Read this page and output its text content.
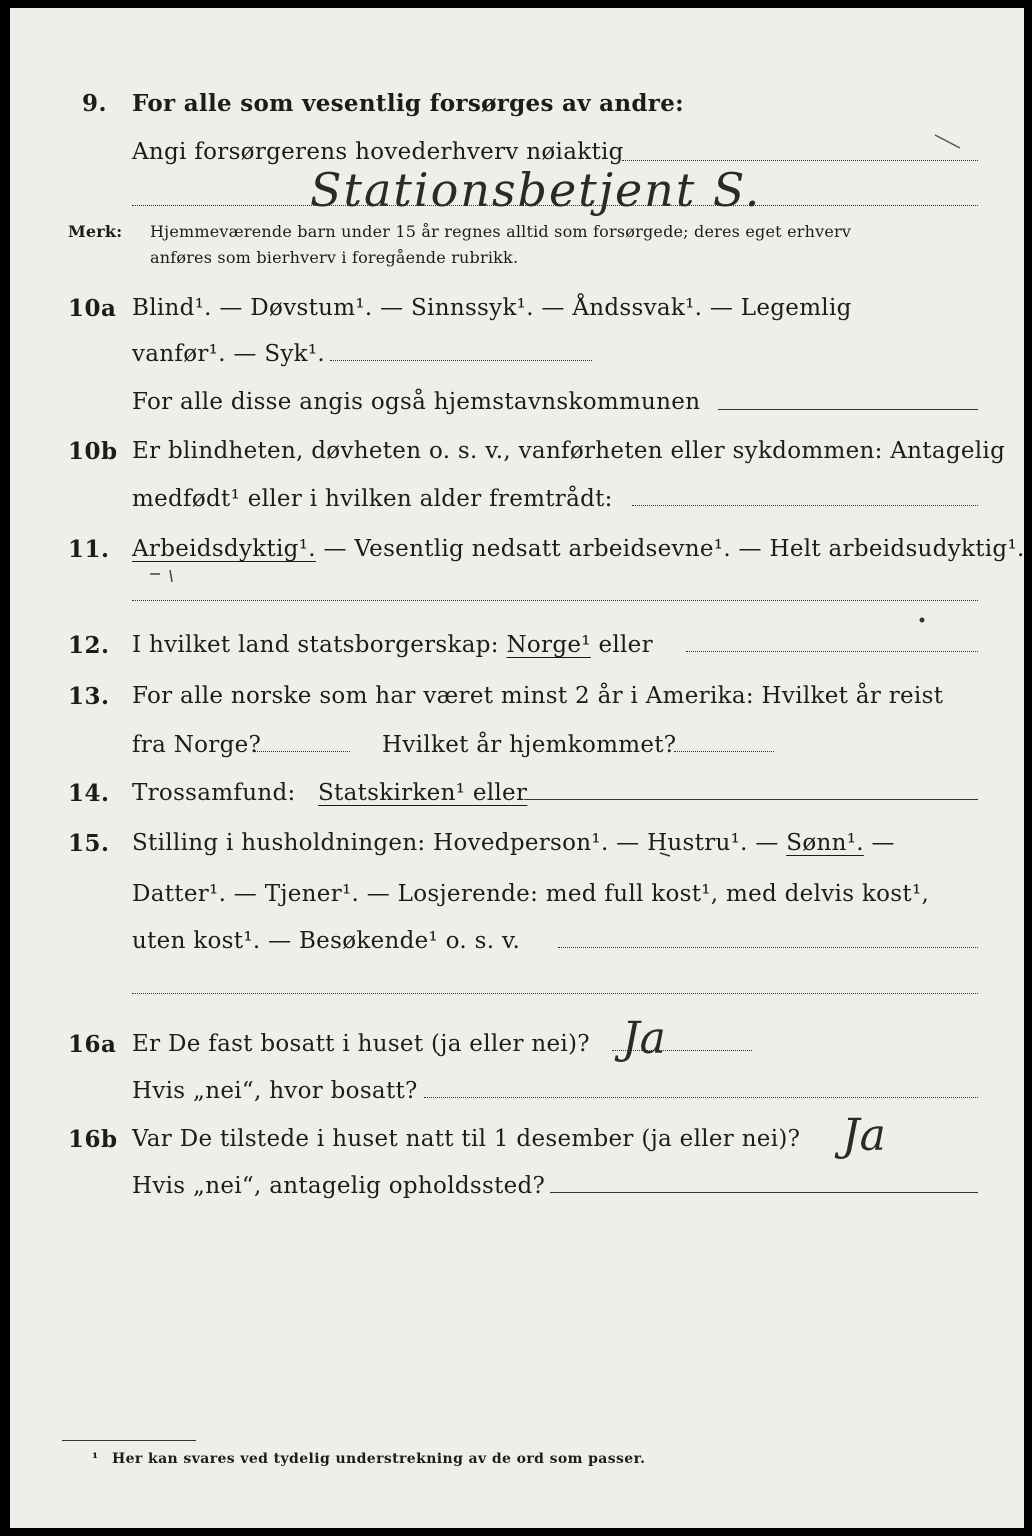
9. For alle som vesentlig forsørges av andre:
Angi forsørgerens hovederhverv nøiaktig
Stationsbetjent S.
Merk: Hjemmeværende barn under 15 år regnes alltid som forsørgede; deres eget erhverv
anføres som bierhverv i foregående rubrikk.
10a Blind¹. — Døvstum¹. — Sinnssyk¹. — Åndssvak¹. — Legemlig
vanfør¹. — Syk¹.
For alle disse angis også hjemstavnskommunen
10b Er blindheten, døvheten o. s. v., vanførheten eller sykdommen: Antagelig
medfødt¹ eller i hvilken alder fremtrådt:
11. Arbeidsdyktig¹. — Vesentlig nedsatt arbeidsevne¹. — Helt arbeidsudyktig¹.
12. I hvilket land statsborgerskap: Norge¹ eller
13. For alle norske som har været minst 2 år i Amerika: Hvilket år reist
fra Norge?	Hvilket år hjemkommet?
14. Trossamfund: Statskirken¹ eller
15. Stilling i husholdningen: Hovedperson¹. — Hustru¹. — Sønn¹. —
Datter¹. — Tjener¹. — Losjerende: med full kost¹, med delvis kost¹,
uten kost¹. — Besøkende¹ o. s. v.
16a Er De fast bosatt i huset (ja eller nei)? Ja
Hvis „nei“, hvor bosatt?
16b Var De tilstede i huset natt til 1 desember (ja eller nei)? Ja
Hvis „nei“, antagelig opholdssted?
¹ Her kan svares ved tydelig understrekning av de ord som passer.
